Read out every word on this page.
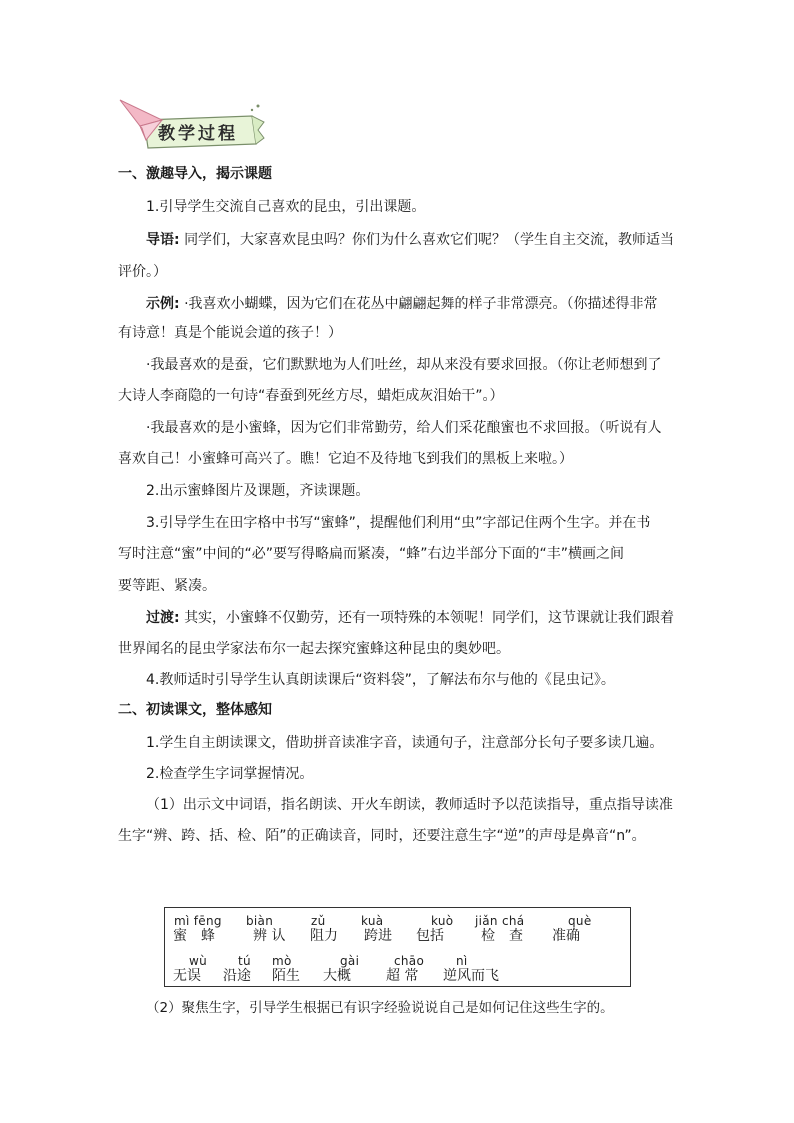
教学过程
一、激趣导入，揭示课题
1.引导学生交流自己喜欢的昆虫，引出课题。
导语: 同学们，大家喜欢昆虫吗？你们为什么喜欢它们呢？（学生自主交流，教师适当
评价。）
示例: ·我喜欢小蝴蝶，因为它们在花丛中翩翩起舞的样子非常漂亮。（你描述得非常
有诗意！真是个能说会道的孩子！）
·我最喜欢的是蚕，它们默默地为人们吐丝，却从来没有要求回报。（你让老师想到了
大诗人李商隐的一句诗“春蚕到死丝方尽，蜡炬成灰泪始干”。）
·我最喜欢的是小蜜蜂，因为它们非常勤劳，给人们采花酿蜜也不求回报。（听说有人
喜欢自己！小蜜蜂可高兴了。瞧！它迫不及待地飞到我们的黑板上来啦。）
2.出示蜜蜂图片及课题，齐读课题。
3.引导学生在田字格中书写“蜜蜂”，提醒他们利用“虫”字部记住两个生字。并在书
写时注意“蜜”中间的“必”要写得略扁而紧凑，“蜂”右边半部分下面的“丰”横画之间
要等距、紧凑。
过渡: 其实，小蜜蜂不仅勤劳，还有一项特殊的本领呢！同学们，这节课就让我们跟着
世界闻名的昆虫学家法布尔一起去探究蜜蜂这种昆虫的奥妙吧。
4.教师适时引导学生认真朗读课后“资料袋”，了解法布尔与他的《昆虫记》。
二、初读课文，整体感知
1.学生自主朗读课文，借助拼音读准字音，读通句子，注意部分长句子要多读几遍。
2.检查学生字词掌握情况。
（1）出示文中词语，指名朗读、开火车朗读，教师适时予以范读指导，重点指导读准
生字“辨、跨、括、检、陌”的正确读音，同时，还要注意生字“逆”的声母是鼻音“n”。
mì fēng
蜜　蜂
biàn
辨 认
zǔ
阻力
kuà
跨进
kuò
包括
jiǎn chá
检　查
què
准确
wù
无误
tú
沿途
mò
陌生
gài
大概
chāo
超 常
nì
逆风而飞
（2）聚焦生字，引导学生根据已有识字经验说说自己是如何记住这些生字的。
